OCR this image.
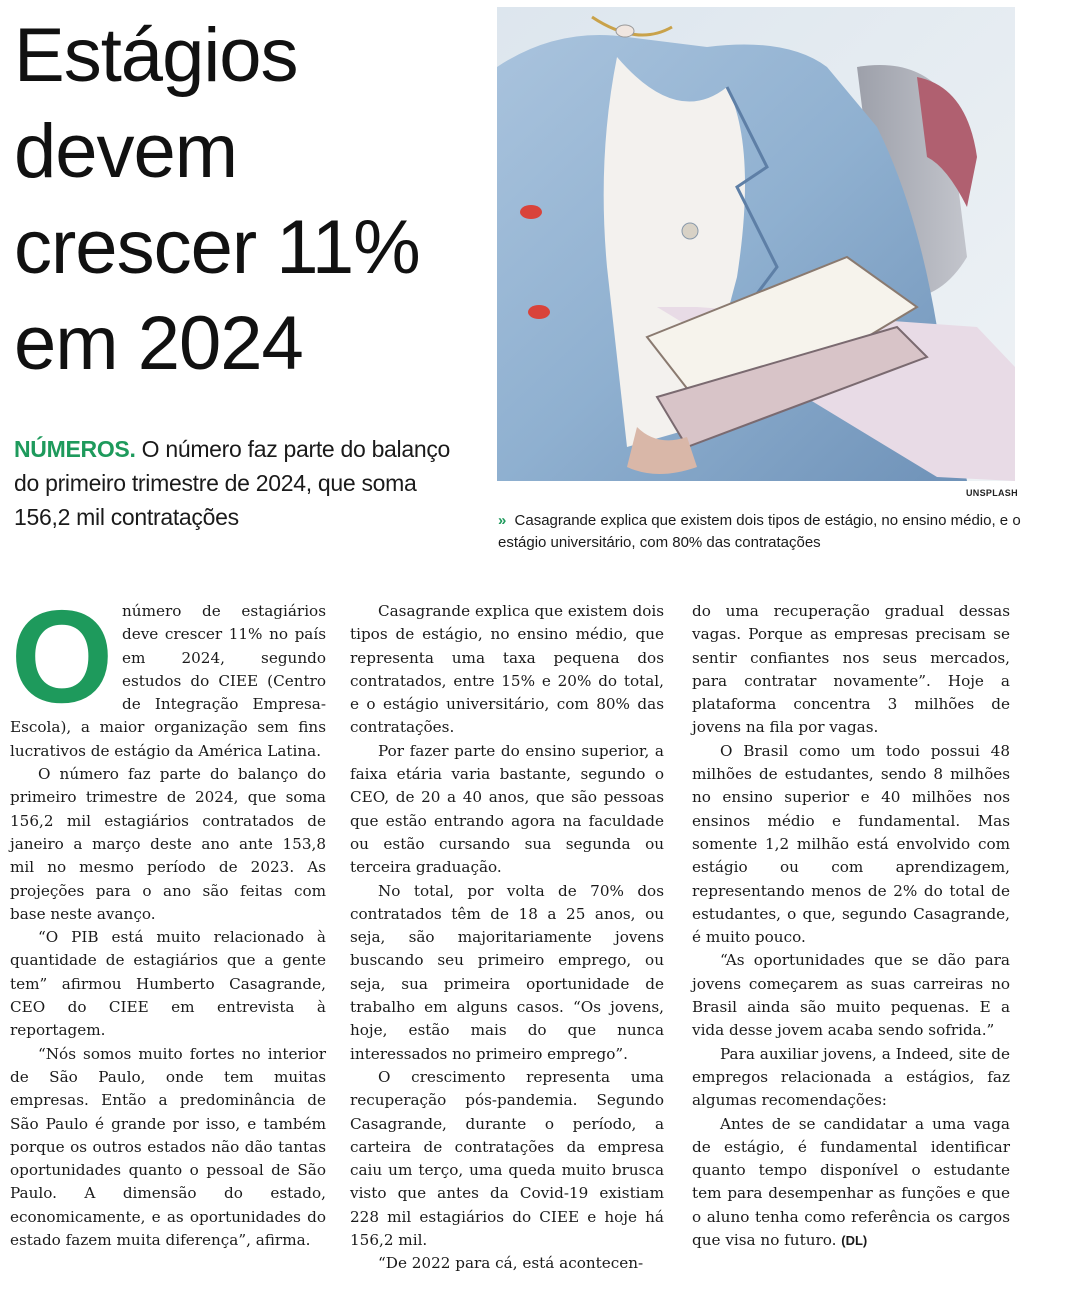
Estágios
devem
crescer 11%
em 2024
NÚMEROS. O número faz parte do balanço do primeiro trimestre de 2024, que soma 156,2 mil contratações
UNSPLASH
» Casagrande explica que existem dois tipos de estágio, no ensino médio, e o estágio universitário, com 80% das contratações
O número de estagiários deve crescer 11% no país em 2024, segundo estudos do CIEE (Centro de Integração Empresa-Escola), a maior organização sem fins lucrativos de estágio da América Latina.

O número faz parte do balanço do primeiro trimestre de 2024, que soma 156,2 mil estagiários contratados de janeiro a março deste ano ante 153,8 mil no mesmo período de 2023. As projeções para o ano são feitas com base neste avanço.

“O PIB está muito relacionado à quantidade de estagiários que a gente tem” afirmou Humberto Casagrande, CEO do CIEE em entrevista à reportagem.

“Nós somos muito fortes no interior de São Paulo, onde tem muitas empresas. Então a predominância de São Paulo é grande por isso, e também porque os outros estados não dão tantas oportunidades quanto o pessoal de São Paulo. A dimensão do estado, economicamente, e as oportunidades do estado fazem muita diferença”, afirma.

Casagrande explica que existem dois tipos de estágio, no ensino médio, que representa uma taxa pequena dos contratados, entre 15% e 20% do total, e o estágio universitário, com 80% das contratações.

Por fazer parte do ensino superior, a faixa etária varia bastante, segundo o CEO, de 20 a 40 anos, que são pessoas que estão entrando agora na faculdade ou estão cursando sua segunda ou terceira graduação.

No total, por volta de 70% dos contratados têm de 18 a 25 anos, ou seja, são majoritariamente jovens buscando seu primeiro emprego, ou seja, sua primeira oportunidade de trabalho em alguns casos. “Os jovens, hoje, estão mais do que nunca interessados no primeiro emprego”.

O crescimento representa uma recuperação pós-pandemia. Segundo Casagrande, durante o período, a carteira de contratações da empresa caiu um terço, uma queda muito brusca visto que antes da Covid-19 existiam 228 mil estagiários do CIEE e hoje há 156,2 mil.

“De 2022 para cá, está acontecen-

do uma recuperação gradual dessas vagas. Porque as empresas precisam se sentir confiantes nos seus mercados, para contratar novamente”. Hoje a plataforma concentra 3 milhões de jovens na fila por vagas.

O Brasil como um todo possui 48 milhões de estudantes, sendo 8 milhões no ensino superior e 40 milhões nos ensinos médio e fundamental. Mas somente 1,2 milhão está envolvido com estágio ou com aprendizagem, representando menos de 2% do total de estudantes, o que, segundo Casagrande, é muito pouco.

“As oportunidades que se dão para jovens começarem as suas carreiras no Brasil ainda são muito pequenas. E a vida desse jovem acaba sendo sofrida.”

Para auxiliar jovens, a Indeed, site de empregos relacionada a estágios, faz algumas recomendações:

Antes de se candidatar a uma vaga de estágio, é fundamental identificar quanto tempo disponível o estudante tem para desempenhar as funções e que o aluno tenha como referência os cargos que visa no futuro. (DL)
